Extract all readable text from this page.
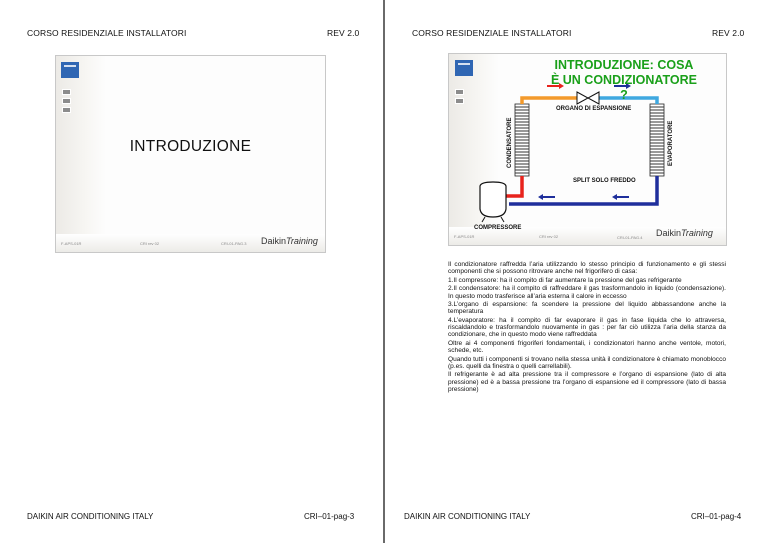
CORSO RESIDENZIALE INSTALLATORI	REV 2.0
INTRODUZIONE
F-APS-01R	CRI rev 02	CRI-01-PAG.3 DaikinTraining
DAIKIN AIR CONDITIONING ITALY	CRI–01-pag-3
CORSO RESIDENZIALE INSTALLATORI	REV 2.0
INTRODUZIONE: COSA
È UN CONDIZIONATORE ?
ORGANO DI ESPANSIONE
CONDENSATORE	EVAPORATORE
SPLIT SOLO FREDDO
COMPRESSORE
F-APS-01R	CRI rev 02	CRI-01-PAG.4 DaikinTraining

Il condizionatore raffredda l’aria utilizzando lo stesso principio di funzionamento e gli stessi componenti che si possono ritrovare anche nel frigorifero di casa:

1.Il compressore: ha il compito di far aumentare la pressione del gas refrigerante

2.Il condensatore: ha il compito di raffreddare il gas trasformandolo in liquido (condensazione). In questo modo trasferisce all’aria esterna il calore in eccesso

3.L’organo di espansione: fa scendere la pressione del liquido abbassandone anche la temperatura

4.L’evaporatore: ha il compito di far evaporare il gas in fase liquida che lo attraversa, riscaldandolo e trasformandolo nuovamente in gas : per far ciò utilizza l’aria della stanza da condizionare, che in questo modo viene raffreddata

Oltre ai 4 componenti frigoriferi fondamentali, i condizionatori hanno anche ventole, motori, schede, etc.

Quando tutti i componenti si trovano nella stessa unità il condizionatore è chiamato monoblocco (p.es. quelli da finestra o quelli carrellabili).

Il refrigerante è ad alta pressione tra il compressore e l’organo di espansione (lato di alta pressione) ed è a bassa pressione tra l’organo di espansione ed il compressore (lato di bassa pressione)

DAIKIN AIR CONDITIONING ITALY	CRI–01-pag-4
